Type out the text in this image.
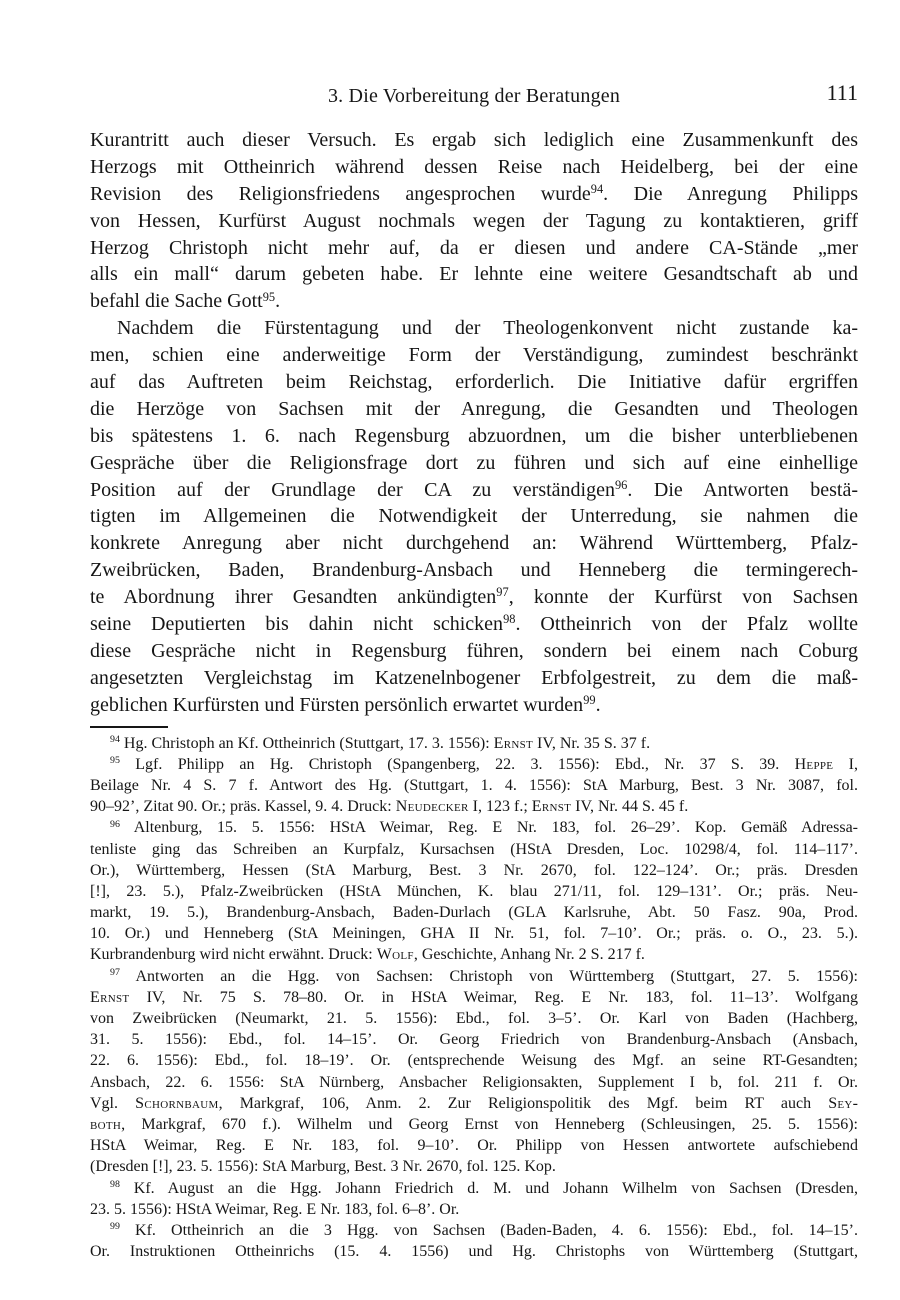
3. Die Vorbereitung der Beratungen	111
Kurantritt auch dieser Versuch. Es ergab sich lediglich eine Zusammenkunft des
Herzogs mit Ottheinrich während dessen Reise nach Heidelberg, bei der eine
Revision des Religionsfriedens angesprochen wurde$^{94}$. Die Anregung Philipps
von Hessen, Kurfürst August nochmals wegen der Tagung zu kontaktieren, griff
Herzog Christoph nicht mehr auf, da er diesen und andere CA-Stände „mer
alls ein mall“ darum gebeten habe. Er lehnte eine weitere Gesandtschaft ab und
befahl die Sache Gott$^{95}$.
Nachdem die Fürstentagung und der Theologenkonvent nicht zustande ka-
men, schien eine anderweitige Form der Verständigung, zumindest beschränkt
auf das Auftreten beim Reichstag, erforderlich. Die Initiative dafür ergriffen
die Herzöge von Sachsen mit der Anregung, die Gesandten und Theologen
bis spätestens 1. 6. nach Regensburg abzuordnen, um die bisher unterbliebenen
Gespräche über die Religionsfrage dort zu führen und sich auf eine einhellige
Position auf der Grundlage der CA zu verständigen$^{96}$. Die Antworten bestä-
tigten im Allgemeinen die Notwendigkeit der Unterredung, sie nahmen die
konkrete Anregung aber nicht durchgehend an: Während Württemberg, Pfalz-
Zweibrücken, Baden, Brandenburg-Ansbach und Henneberg die termingerech-
te Abordnung ihrer Gesandten ankündigten$^{97}$, konnte der Kurfürst von Sachsen
seine Deputierten bis dahin nicht schicken$^{98}$. Ottheinrich von der Pfalz wollte
diese Gespräche nicht in Regensburg führen, sondern bei einem nach Coburg
angesetzten Vergleichstag im Katzenelnbogener Erbfolgestreit, zu dem die maß-
geblichen Kurfürsten und Fürsten persönlich erwartet wurden$^{99}$.
$^{94}$ Hg. Christoph an Kf. Ottheinrich (Stuttgart, 17. 3. 1556): Ernst IV, Nr. 35 S. 37 f.
$^{95}$ Lgf. Philipp an Hg. Christoph (Spangenberg, 22. 3. 1556): Ebd., Nr. 37 S. 39. Heppe I,
Beilage Nr. 4 S. 7 f. Antwort des Hg. (Stuttgart, 1. 4. 1556): StA Marburg, Best. 3 Nr. 3087, fol.
90–92’, Zitat 90. Or.; präs. Kassel, 9. 4. Druck: Neudecker I, 123 f.; Ernst IV, Nr. 44 S. 45 f.
$^{96}$ Altenburg, 15. 5. 1556: HStA Weimar, Reg. E Nr. 183, fol. 26–29’. Kop. Gemäß Adressa-
tenliste ging das Schreiben an Kurpfalz, Kursachsen (HStA Dresden, Loc. 10298/4, fol. 114–117’.
Or.), Württemberg, Hessen (StA Marburg, Best. 3 Nr. 2670, fol. 122–124’. Or.; präs. Dresden
[!], 23. 5.), Pfalz-Zweibrücken (HStA München, K. blau 271/11, fol. 129–131’. Or.; präs. Neu-
markt, 19. 5.), Brandenburg-Ansbach, Baden-Durlach (GLA Karlsruhe, Abt. 50 Fasz. 90a, Prod.
10. Or.) und Henneberg (StA Meiningen, GHA II Nr. 51, fol. 7–10’. Or.; präs. o. O., 23. 5.).
Kurbrandenburg wird nicht erwähnt. Druck: Wolf, Geschichte, Anhang Nr. 2 S. 217 f.
$^{97}$ Antworten an die Hgg. von Sachsen: Christoph von Württemberg (Stuttgart, 27. 5. 1556):
Ernst IV, Nr. 75 S. 78–80. Or. in HStA Weimar, Reg. E Nr. 183, fol. 11–13’. Wolfgang
von Zweibrücken (Neumarkt, 21. 5. 1556): Ebd., fol. 3–5’. Or. Karl von Baden (Hachberg,
31. 5. 1556): Ebd., fol. 14–15’. Or. Georg Friedrich von Brandenburg-Ansbach (Ansbach,
22. 6. 1556): Ebd., fol. 18–19’. Or. (entsprechende Weisung des Mgf. an seine RT-Gesandten;
Ansbach, 22. 6. 1556: StA Nürnberg, Ansbacher Religionsakten, Supplement I b, fol. 211 f. Or.
Vgl. Schornbaum, Markgraf, 106, Anm. 2. Zur Religionspolitik des Mgf. beim RT auch Sey-
both, Markgraf, 670 f.). Wilhelm und Georg Ernst von Henneberg (Schleusingen, 25. 5. 1556):
HStA Weimar, Reg. E Nr. 183, fol. 9–10’. Or. Philipp von Hessen antwortete aufschiebend
(Dresden [!], 23. 5. 1556): StA Marburg, Best. 3 Nr. 2670, fol. 125. Kop.
$^{98}$ Kf. August an die Hgg. Johann Friedrich d. M. und Johann Wilhelm von Sachsen (Dresden,
23. 5. 1556): HStA Weimar, Reg. E Nr. 183, fol. 6–8’. Or.
$^{99}$ Kf. Ottheinrich an die 3 Hgg. von Sachsen (Baden-Baden, 4. 6. 1556): Ebd., fol. 14–15’.
Or. Instruktionen Ottheinrichs (15. 4. 1556) und Hg. Christophs von Württemberg (Stuttgart,
